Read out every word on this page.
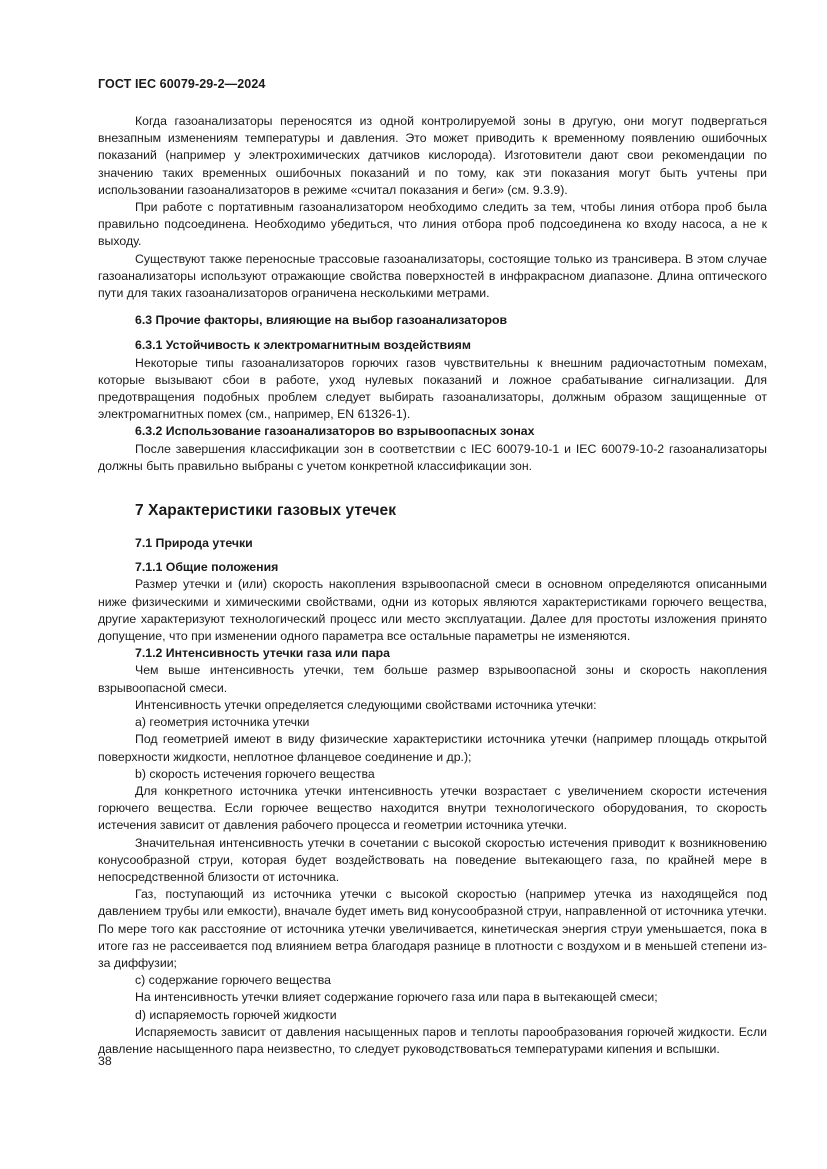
ГОСТ IEC 60079-29-2—2024

Когда газоанализаторы переносятся из одной контролируемой зоны в другую, они могут подвергаться внезапным изменениям температуры и давления. Это может приводить к временному появлению ошибочных показаний (например у электрохимических датчиков кислорода). Изготовители дают свои рекомендации по значению таких временных ошибочных показаний и по тому, как эти показания могут быть учтены при использовании газоанализаторов в режиме «считал показания и беги» (см. 9.3.9).

При работе с портативным газоанализатором необходимо следить за тем, чтобы линия отбора проб была правильно подсоединена. Необходимо убедиться, что линия отбора проб подсоединена ко входу насоса, а не к выходу.

Существуют также переносные трассовые газоанализаторы, состоящие только из трансивера. В этом случае газоанализаторы используют отражающие свойства поверхностей в инфракрасном диапазоне. Длина оптического пути для таких газоанализаторов ограничена несколькими метрами.

6.3 Прочие факторы, влияющие на выбор газоанализаторов
6.3.1 Устойчивость к электромагнитным воздействиям

Некоторые типы газоанализаторов горючих газов чувствительны к внешним радиочастотным помехам, которые вызывают сбои в работе, уход нулевых показаний и ложное срабатывание сигнализации. Для предотвращения подобных проблем следует выбирать газоанализаторы, должным образом защищенные от электромагнитных помех (см., например, EN 61326-1).

6.3.2 Использование газоанализаторов во взрывоопасных зонах

После завершения классификации зон в соответствии с IEC 60079-10-1 и IEC 60079-10-2 газоанализаторы должны быть правильно выбраны с учетом конкретной классификации зон.

7 Характеристики газовых утечек
7.1 Природа утечки
7.1.1 Общие положения

Размер утечки и (или) скорость накопления взрывоопасной смеси в основном определяются описанными ниже физическими и химическими свойствами, одни из которых являются характеристиками горючего вещества, другие характеризуют технологический процесс или место эксплуатации. Далее для простоты изложения принято допущение, что при изменении одного параметра все остальные параметры не изменяются.

7.1.2 Интенсивность утечки газа или пара

Чем выше интенсивность утечки, тем больше размер взрывоопасной зоны и скорость накопления взрывоопасной смеси.

Интенсивность утечки определяется следующими свойствами источника утечки:

a) геометрия источника утечки

Под геометрией имеют в виду физические характеристики источника утечки (например площадь открытой поверхности жидкости, неплотное фланцевое соединение и др.);

b) скорость истечения горючего вещества

Для конкретного источника утечки интенсивность утечки возрастает с увеличением скорости истечения горючего вещества. Если горючее вещество находится внутри технологического оборудования, то скорость истечения зависит от давления рабочего процесса и геометрии источника утечки.

Значительная интенсивность утечки в сочетании с высокой скоростью истечения приводит к возникновению конусообразной струи, которая будет воздействовать на поведение вытекающего газа, по крайней мере в непосредственной близости от источника.

Газ, поступающий из источника утечки с высокой скоростью (например утечка из находящейся под давлением трубы или емкости), вначале будет иметь вид конусообразной струи, направленной от источника утечки. По мере того как расстояние от источника утечки увеличивается, кинетическая энергия струи уменьшается, пока в итоге газ не рассеивается под влиянием ветра благодаря разнице в плотности с воздухом и в меньшей степени из-за диффузии;

c) содержание горючего вещества

На интенсивность утечки влияет содержание горючего газа или пара в вытекающей смеси;

d) испаряемость горючей жидкости

Испаряемость зависит от давления насыщенных паров и теплоты парообразования горючей жидкости. Если давление насыщенного пара неизвестно, то следует руководствоваться температурами кипения и вспышки.

38
